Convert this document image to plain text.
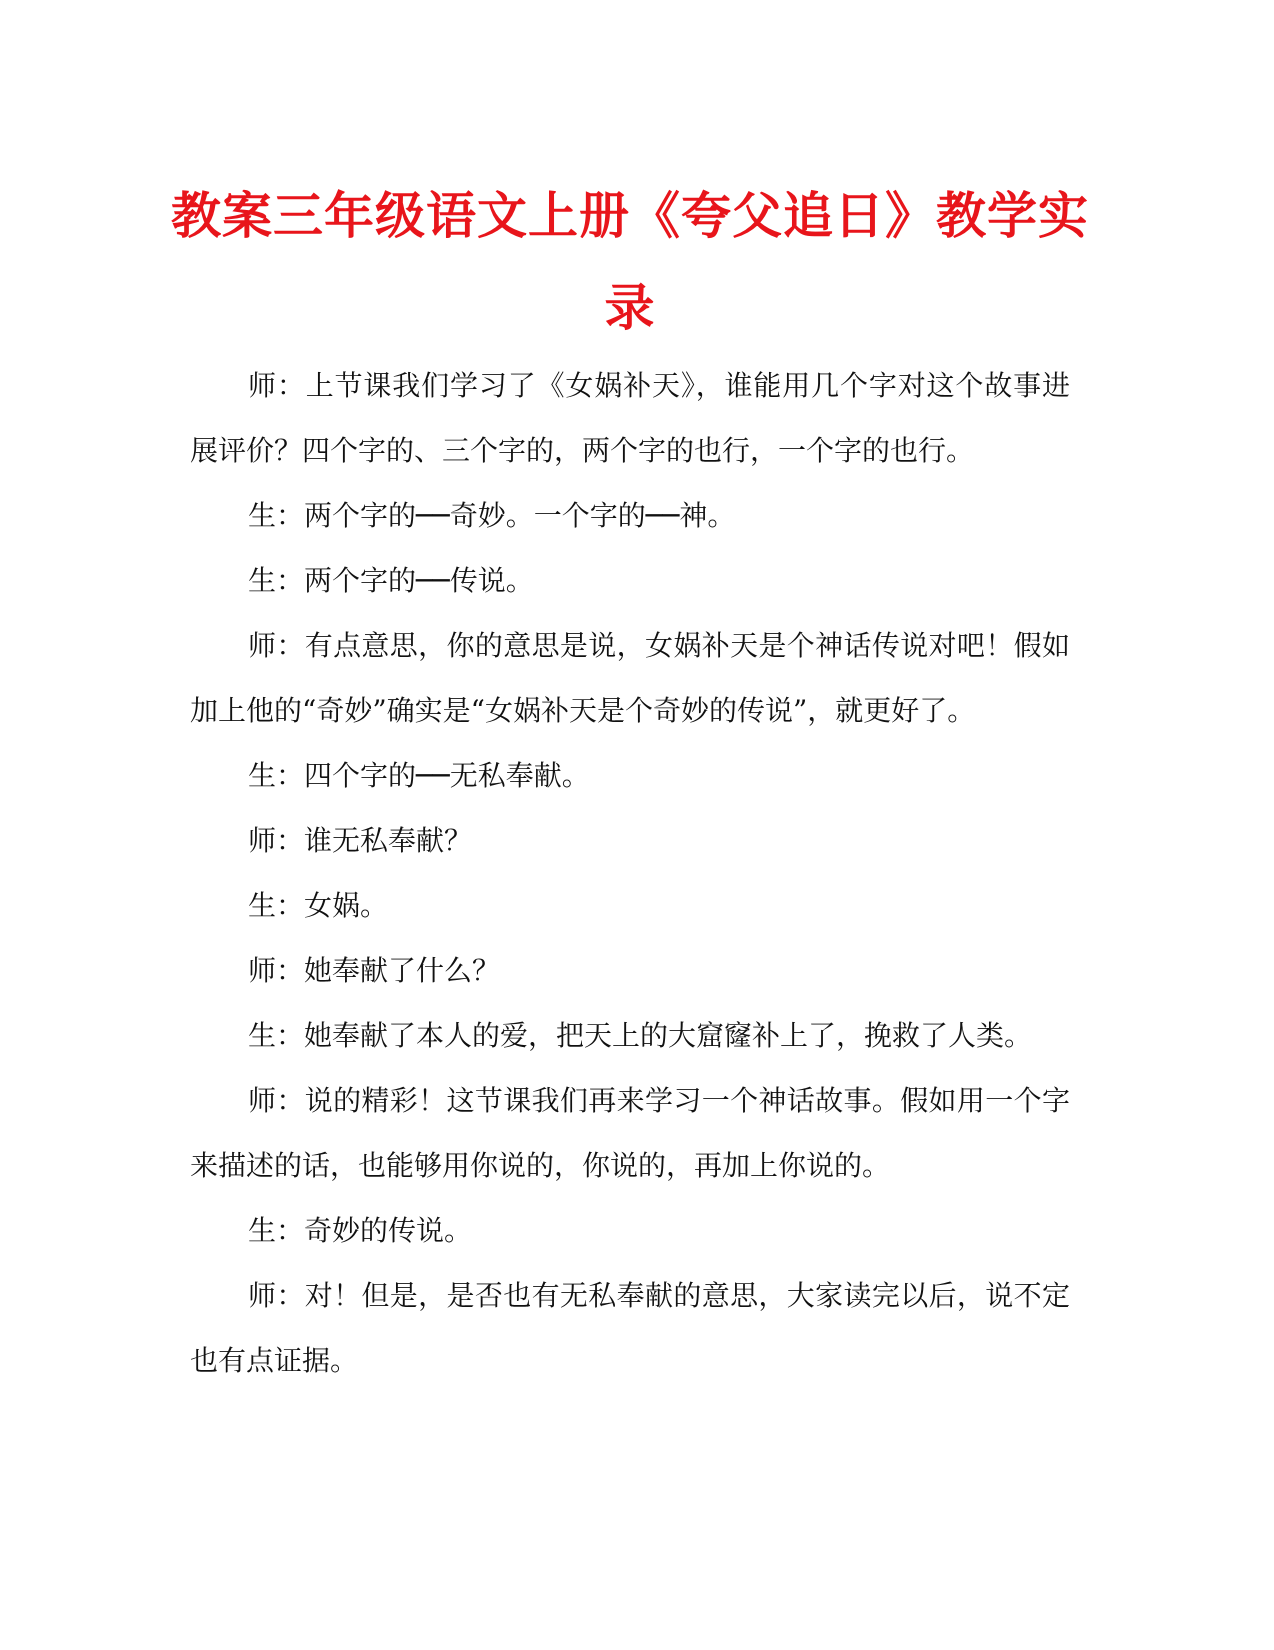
教案三年级语文上册《夸父追日》教学实录

师：上节课我们学习了《女娲补天》，谁能用几个字对这个故事进展评价？四个字的、三个字的，两个字的也行，一个字的也行。

生：两个字的──奇妙。一个字的──神。

生：两个字的──传说。

师：有点意思，你的意思是说，女娲补天是个神话传说对吧！假如加上他的“奇妙”确实是“女娲补天是个奇妙的传说”，就更好了。

生：四个字的──无私奉献。

师：谁无私奉献？

生：女娲。

师：她奉献了什么？

生：她奉献了本人的爱，把天上的大窟窿补上了，挽救了人类。

师：说的精彩！这节课我们再来学习一个神话故事。假如用一个字来描述的话，也能够用你说的，你说的，再加上你说的。

生：奇妙的传说。

师：对！但是，是否也有无私奉献的意思，大家读完以后，说不定也有点证据。
